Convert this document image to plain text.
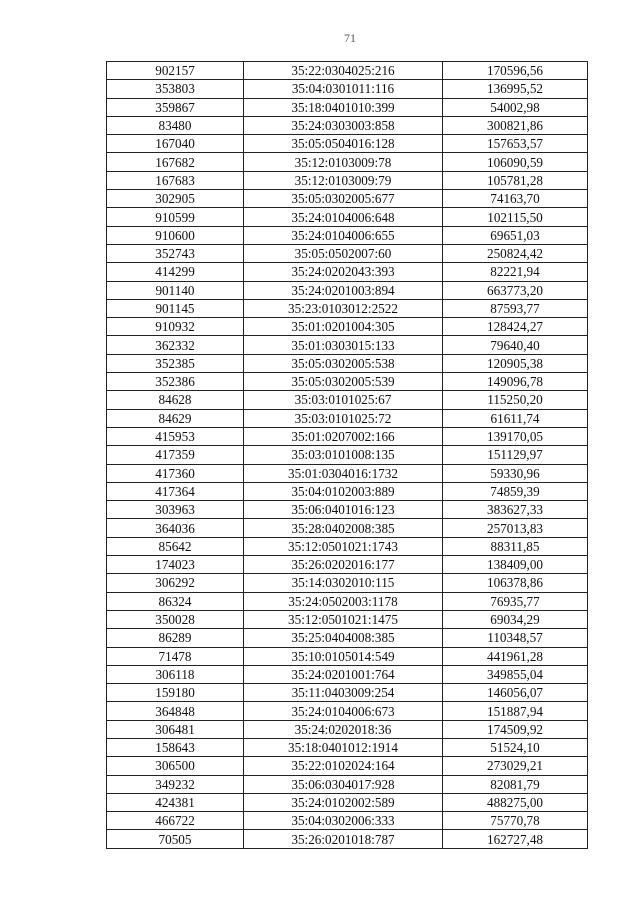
71
902157	35:22:0304025:216	170596,56
353803	35:04:0301011:116	136995,52
359867	35:18:0401010:399	54002,98
83480	35:24:0303003:858	300821,86
167040	35:05:0504016:128	157653,57
167682	35:12:0103009:78	106090,59
167683	35:12:0103009:79	105781,28
302905	35:05:0302005:677	74163,70
910599	35:24:0104006:648	102115,50
910600	35:24:0104006:655	69651,03
352743	35:05:0502007:60	250824,42
414299	35:24:0202043:393	82221,94
901140	35:24:0201003:894	663773,20
901145	35:23:0103012:2522	87593,77
910932	35:01:0201004:305	128424,27
362332	35:01:0303015:133	79640,40
352385	35:05:0302005:538	120905,38
352386	35:05:0302005:539	149096,78
84628	35:03:0101025:67	115250,20
84629	35:03:0101025:72	61611,74
415953	35:01:0207002:166	139170,05
417359	35:03:0101008:135	151129,97
417360	35:01:0304016:1732	59330,96
417364	35:04:0102003:889	74859,39
303963	35:06:0401016:123	383627,33
364036	35:28:0402008:385	257013,83
85642	35:12:0501021:1743	88311,85
174023	35:26:0202016:177	138409,00
306292	35:14:0302010:115	106378,86
86324	35:24:0502003:1178	76935,77
350028	35:12:0501021:1475	69034,29
86289	35:25:0404008:385	110348,57
71478	35:10:0105014:549	441961,28
306118	35:24:0201001:764	349855,04
159180	35:11:0403009:254	146056,07
364848	35:24:0104006:673	151887,94
306481	35:24:0202018:36	174509,92
158643	35:18:0401012:1914	51524,10
306500	35:22:0102024:164	273029,21
349232	35:06:0304017:928	82081,79
424381	35:24:0102002:589	488275,00
466722	35:04:0302006:333	75770,78
70505	35:26:0201018:787	162727,48
